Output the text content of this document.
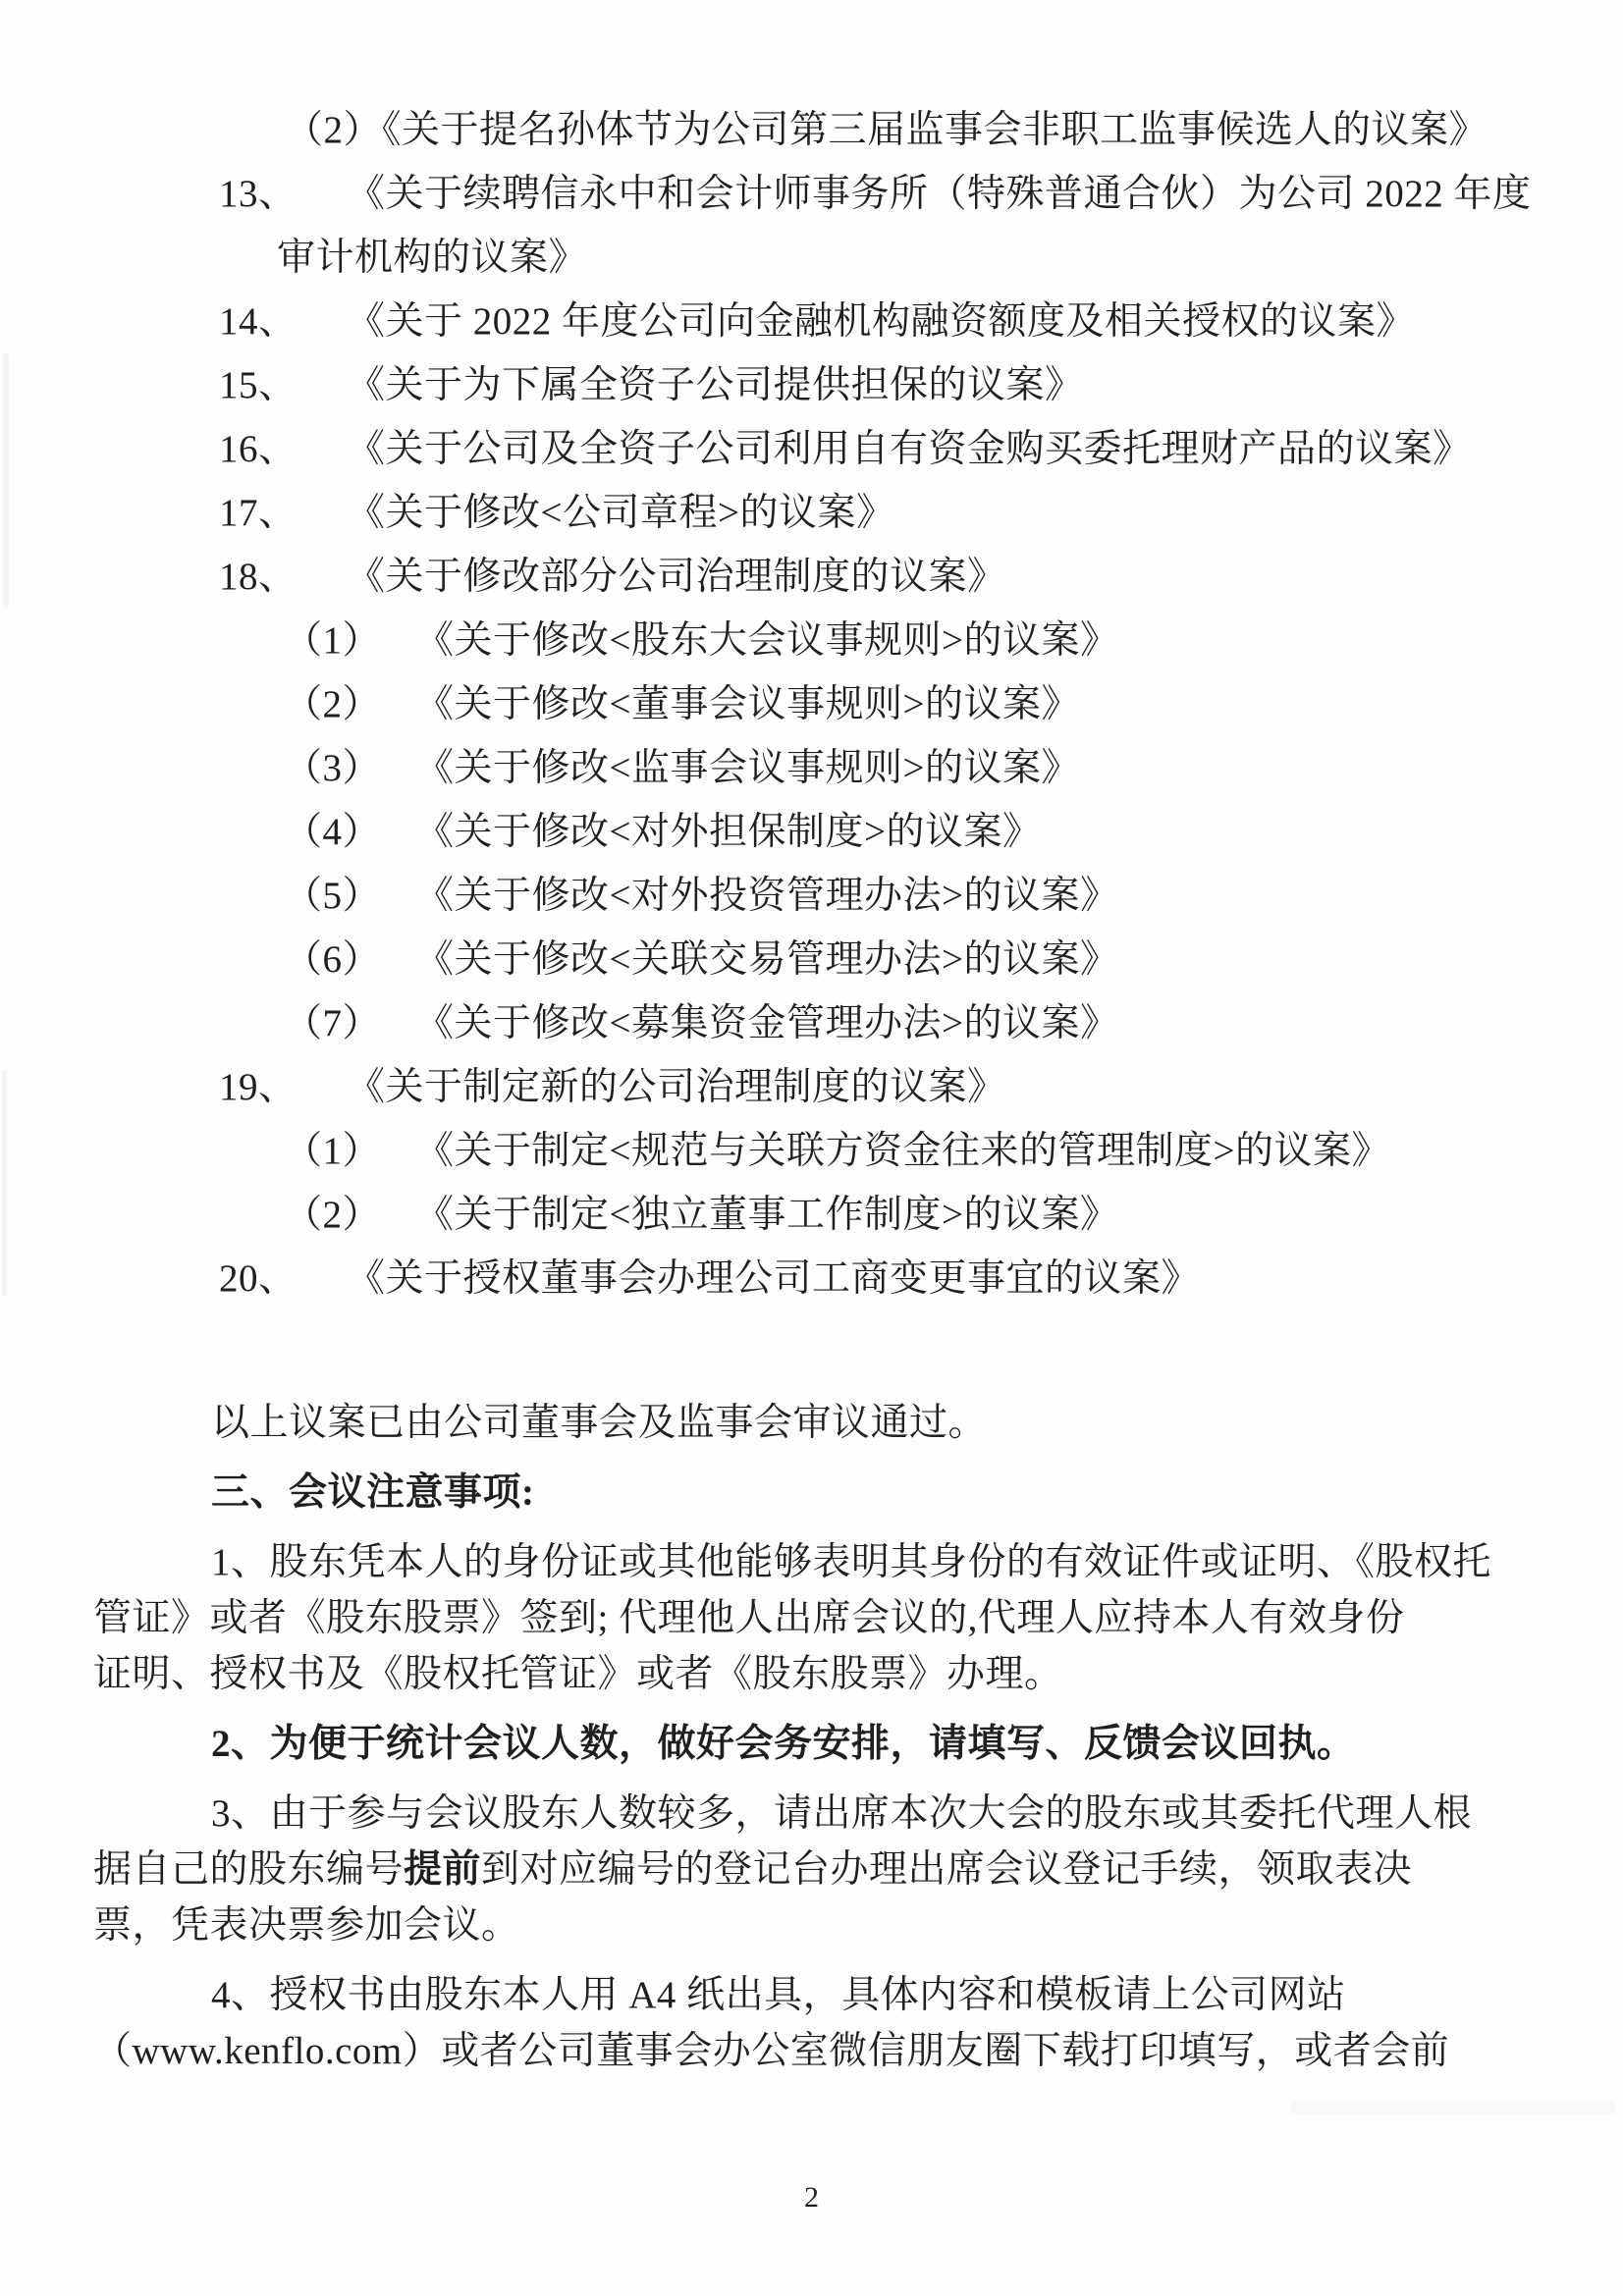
（2）《关于提名孙体节为公司第三届监事会非职工监事候选人的议案》
13、 《关于续聘信永中和会计师事务所（特殊普通合伙）为公司 2022 年度
审计机构的议案》
14、 《关于 2022 年度公司向金融机构融资额度及相关授权的议案》
15、 《关于为下属全资子公司提供担保的议案》
16、 《关于公司及全资子公司利用自有资金购买委托理财产品的议案》
17、 《关于修改<公司章程>的议案》
18、 《关于修改部分公司治理制度的议案》
（1） 《关于修改<股东大会议事规则>的议案》
（2） 《关于修改<董事会议事规则>的议案》
（3） 《关于修改<监事会议事规则>的议案》
（4） 《关于修改<对外担保制度>的议案》
（5） 《关于修改<对外投资管理办法>的议案》
（6） 《关于修改<关联交易管理办法>的议案》
（7） 《关于修改<募集资金管理办法>的议案》
19、 《关于制定新的公司治理制度的议案》
（1） 《关于制定<规范与关联方资金往来的管理制度>的议案》
（2） 《关于制定<独立董事工作制度>的议案》
20、 《关于授权董事会办理公司工商变更事宜的议案》
以上议案已由公司董事会及监事会审议通过。
三、会议注意事项:
1、股东凭本人的身份证或其他能够表明其身份的有效证件或证明、《股权托
管证》或者《股东股票》签到; 代理他人出席会议的,代理人应持本人有效身份
证明、授权书及《股权托管证》或者《股东股票》办理。
2、为便于统计会议人数，做好会务安排，请填写、反馈会议回执。
3、由于参与会议股东人数较多，请出席本次大会的股东或其委托代理人根
据自己的股东编号提前到对应编号的登记台办理出席会议登记手续，领取表决
票，凭表决票参加会议。
4、授权书由股东本人用 A4 纸出具，具体内容和模板请上公司网站
（www.kenflo.com）或者公司董事会办公室微信朋友圈下载打印填写，或者会前
2
